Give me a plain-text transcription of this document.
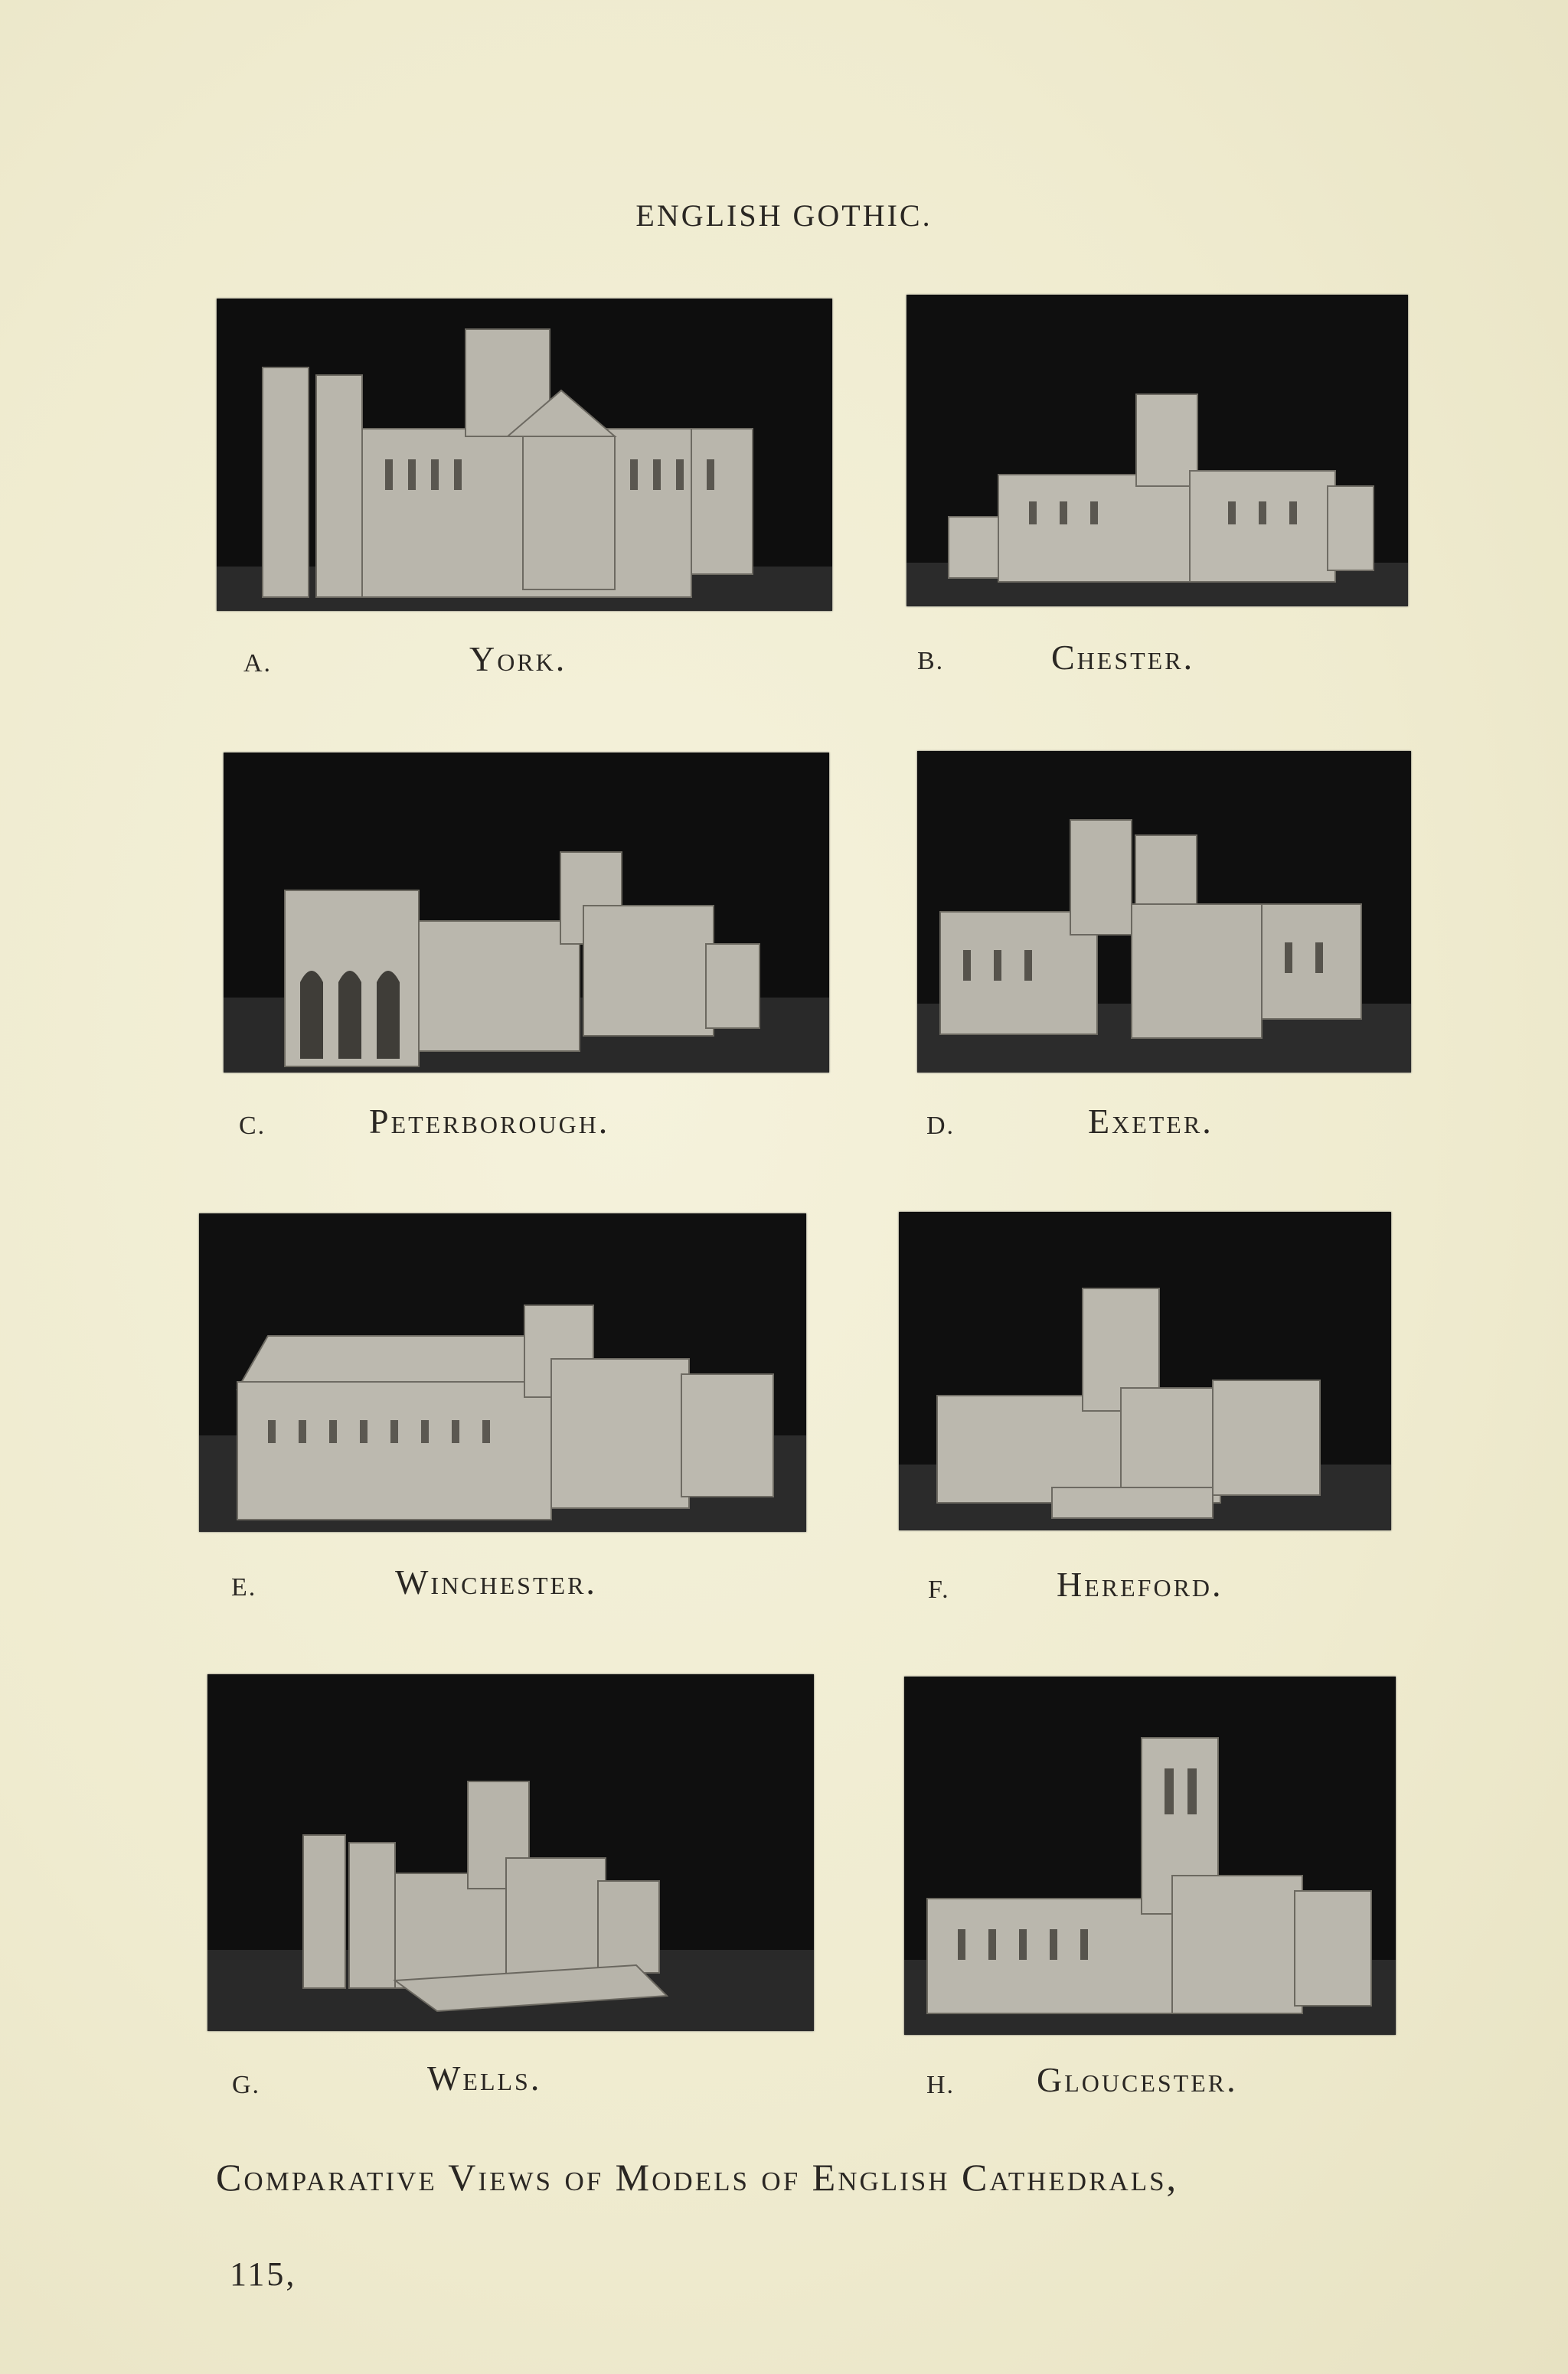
ENGLISH GOTHIC.
A.	York.	B.	Chester.
C.	Peterborough.	D.	Exeter.
E.	Winchester.	F.	Hereford.
G.	Wells.	H. Gloucester.
Comparative Views of Models of English Cathedrals,
115,
